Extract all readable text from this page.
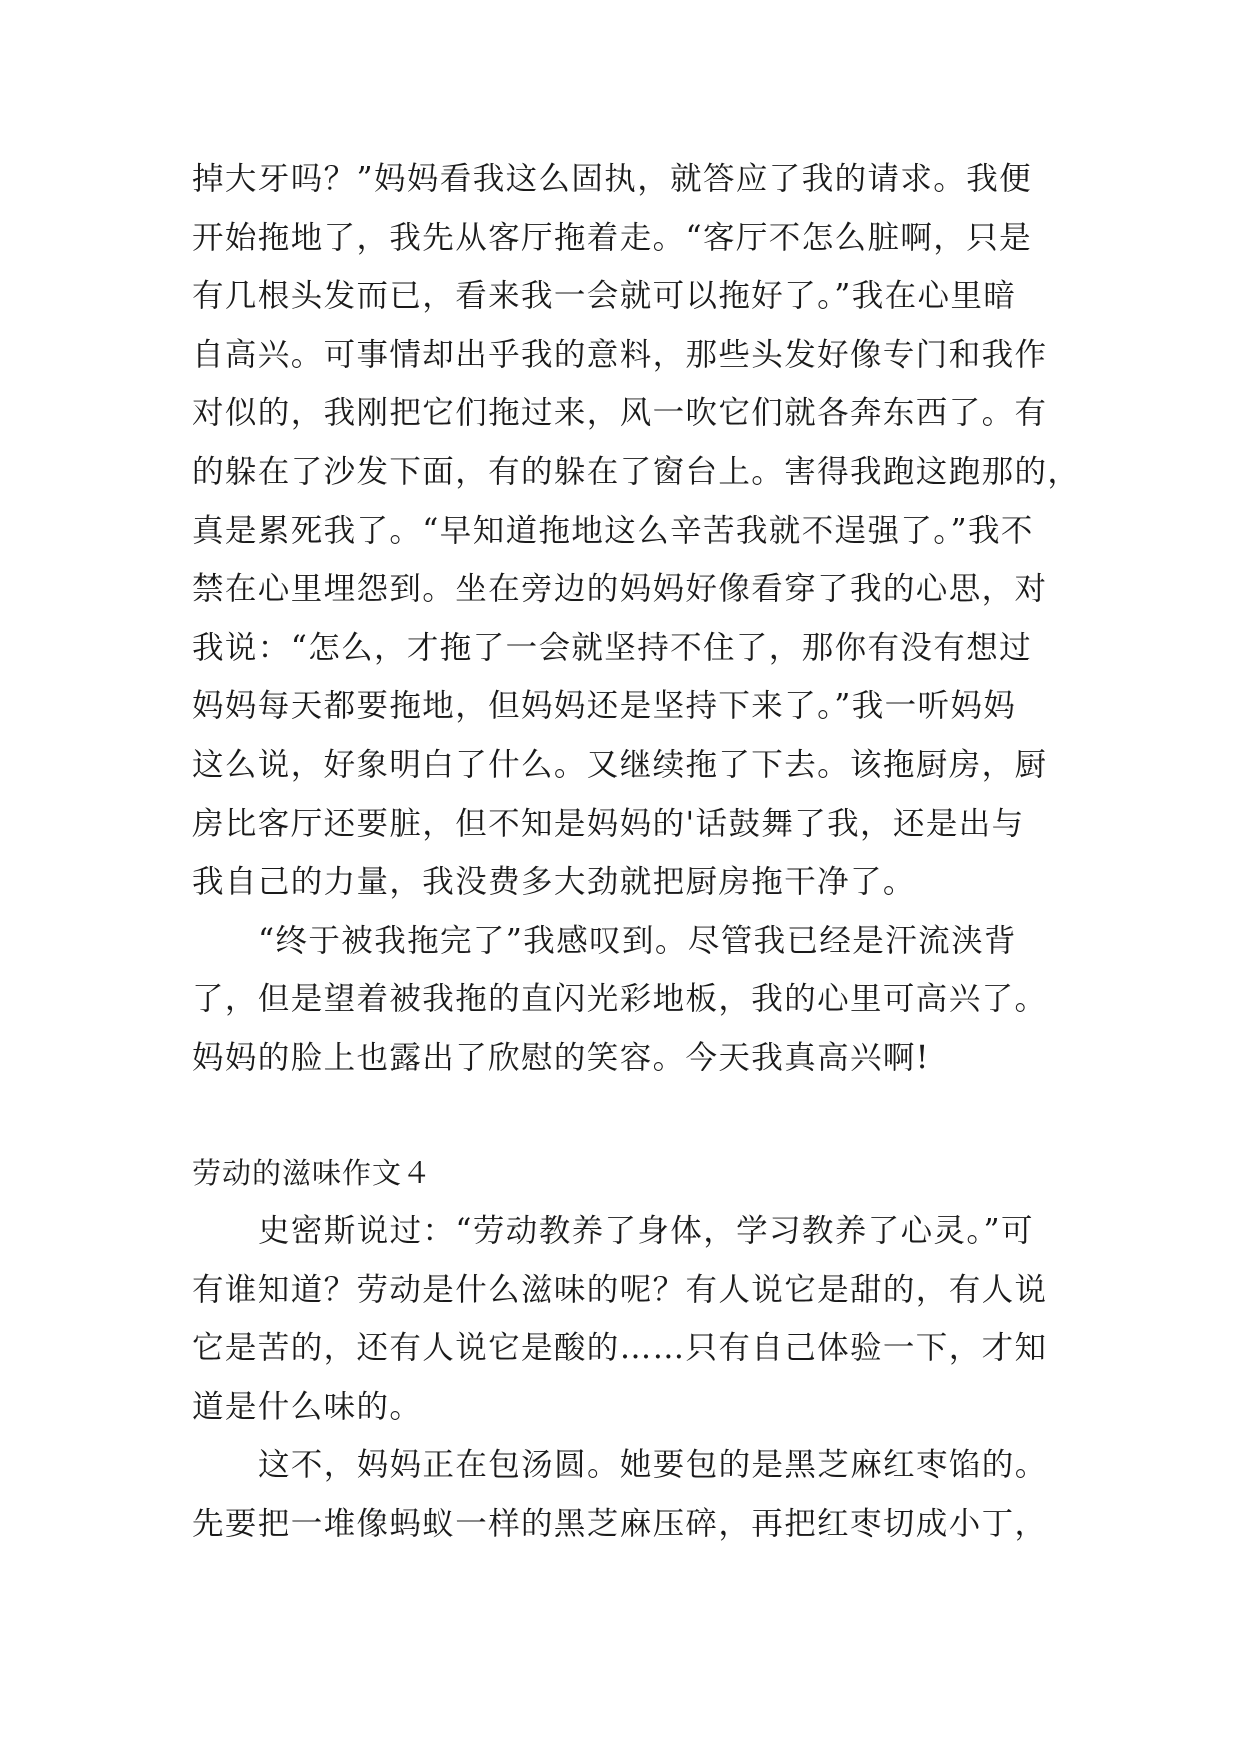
掉大牙吗？”妈妈看我这么固执，就答应了我的请求。我便
开始拖地了，我先从客厅拖着走。“客厅不怎么脏啊，只是
有几根头发而已，看来我一会就可以拖好了。”我在心里暗
自高兴。可事情却出乎我的意料，那些头发好像专门和我作
对似的，我刚把它们拖过来，风一吹它们就各奔东西了。有
的躲在了沙发下面，有的躲在了窗台上。害得我跑这跑那的，
真是累死我了。“早知道拖地这么辛苦我就不逞强了。”我不
禁在心里埋怨到。坐在旁边的妈妈好像看穿了我的心思，对
我说：“怎么，才拖了一会就坚持不住了，那你有没有想过
妈妈每天都要拖地，但妈妈还是坚持下来了。”我一听妈妈
这么说，好象明白了什么。又继续拖了下去。该拖厨房，厨
房比客厅还要脏，但不知是妈妈的'话鼓舞了我，还是出与
我自己的力量，我没费多大劲就把厨房拖干净了。
“终于被我拖完了”我感叹到。尽管我已经是汗流浃背
了，但是望着被我拖的直闪光彩地板，我的心里可高兴了。
妈妈的脸上也露出了欣慰的笑容。今天我真高兴啊!
劳动的滋味作文４
史密斯说过：“劳动教养了身体，学习教养了心灵。”可
有谁知道？劳动是什么滋味的呢？有人说它是甜的，有人说
它是苦的，还有人说它是酸的……只有自己体验一下，才知
道是什么味的。
这不，妈妈正在包汤圆。她要包的是黑芝麻红枣馅的。
先要把一堆像蚂蚁一样的黑芝麻压碎，再把红枣切成小丁，
